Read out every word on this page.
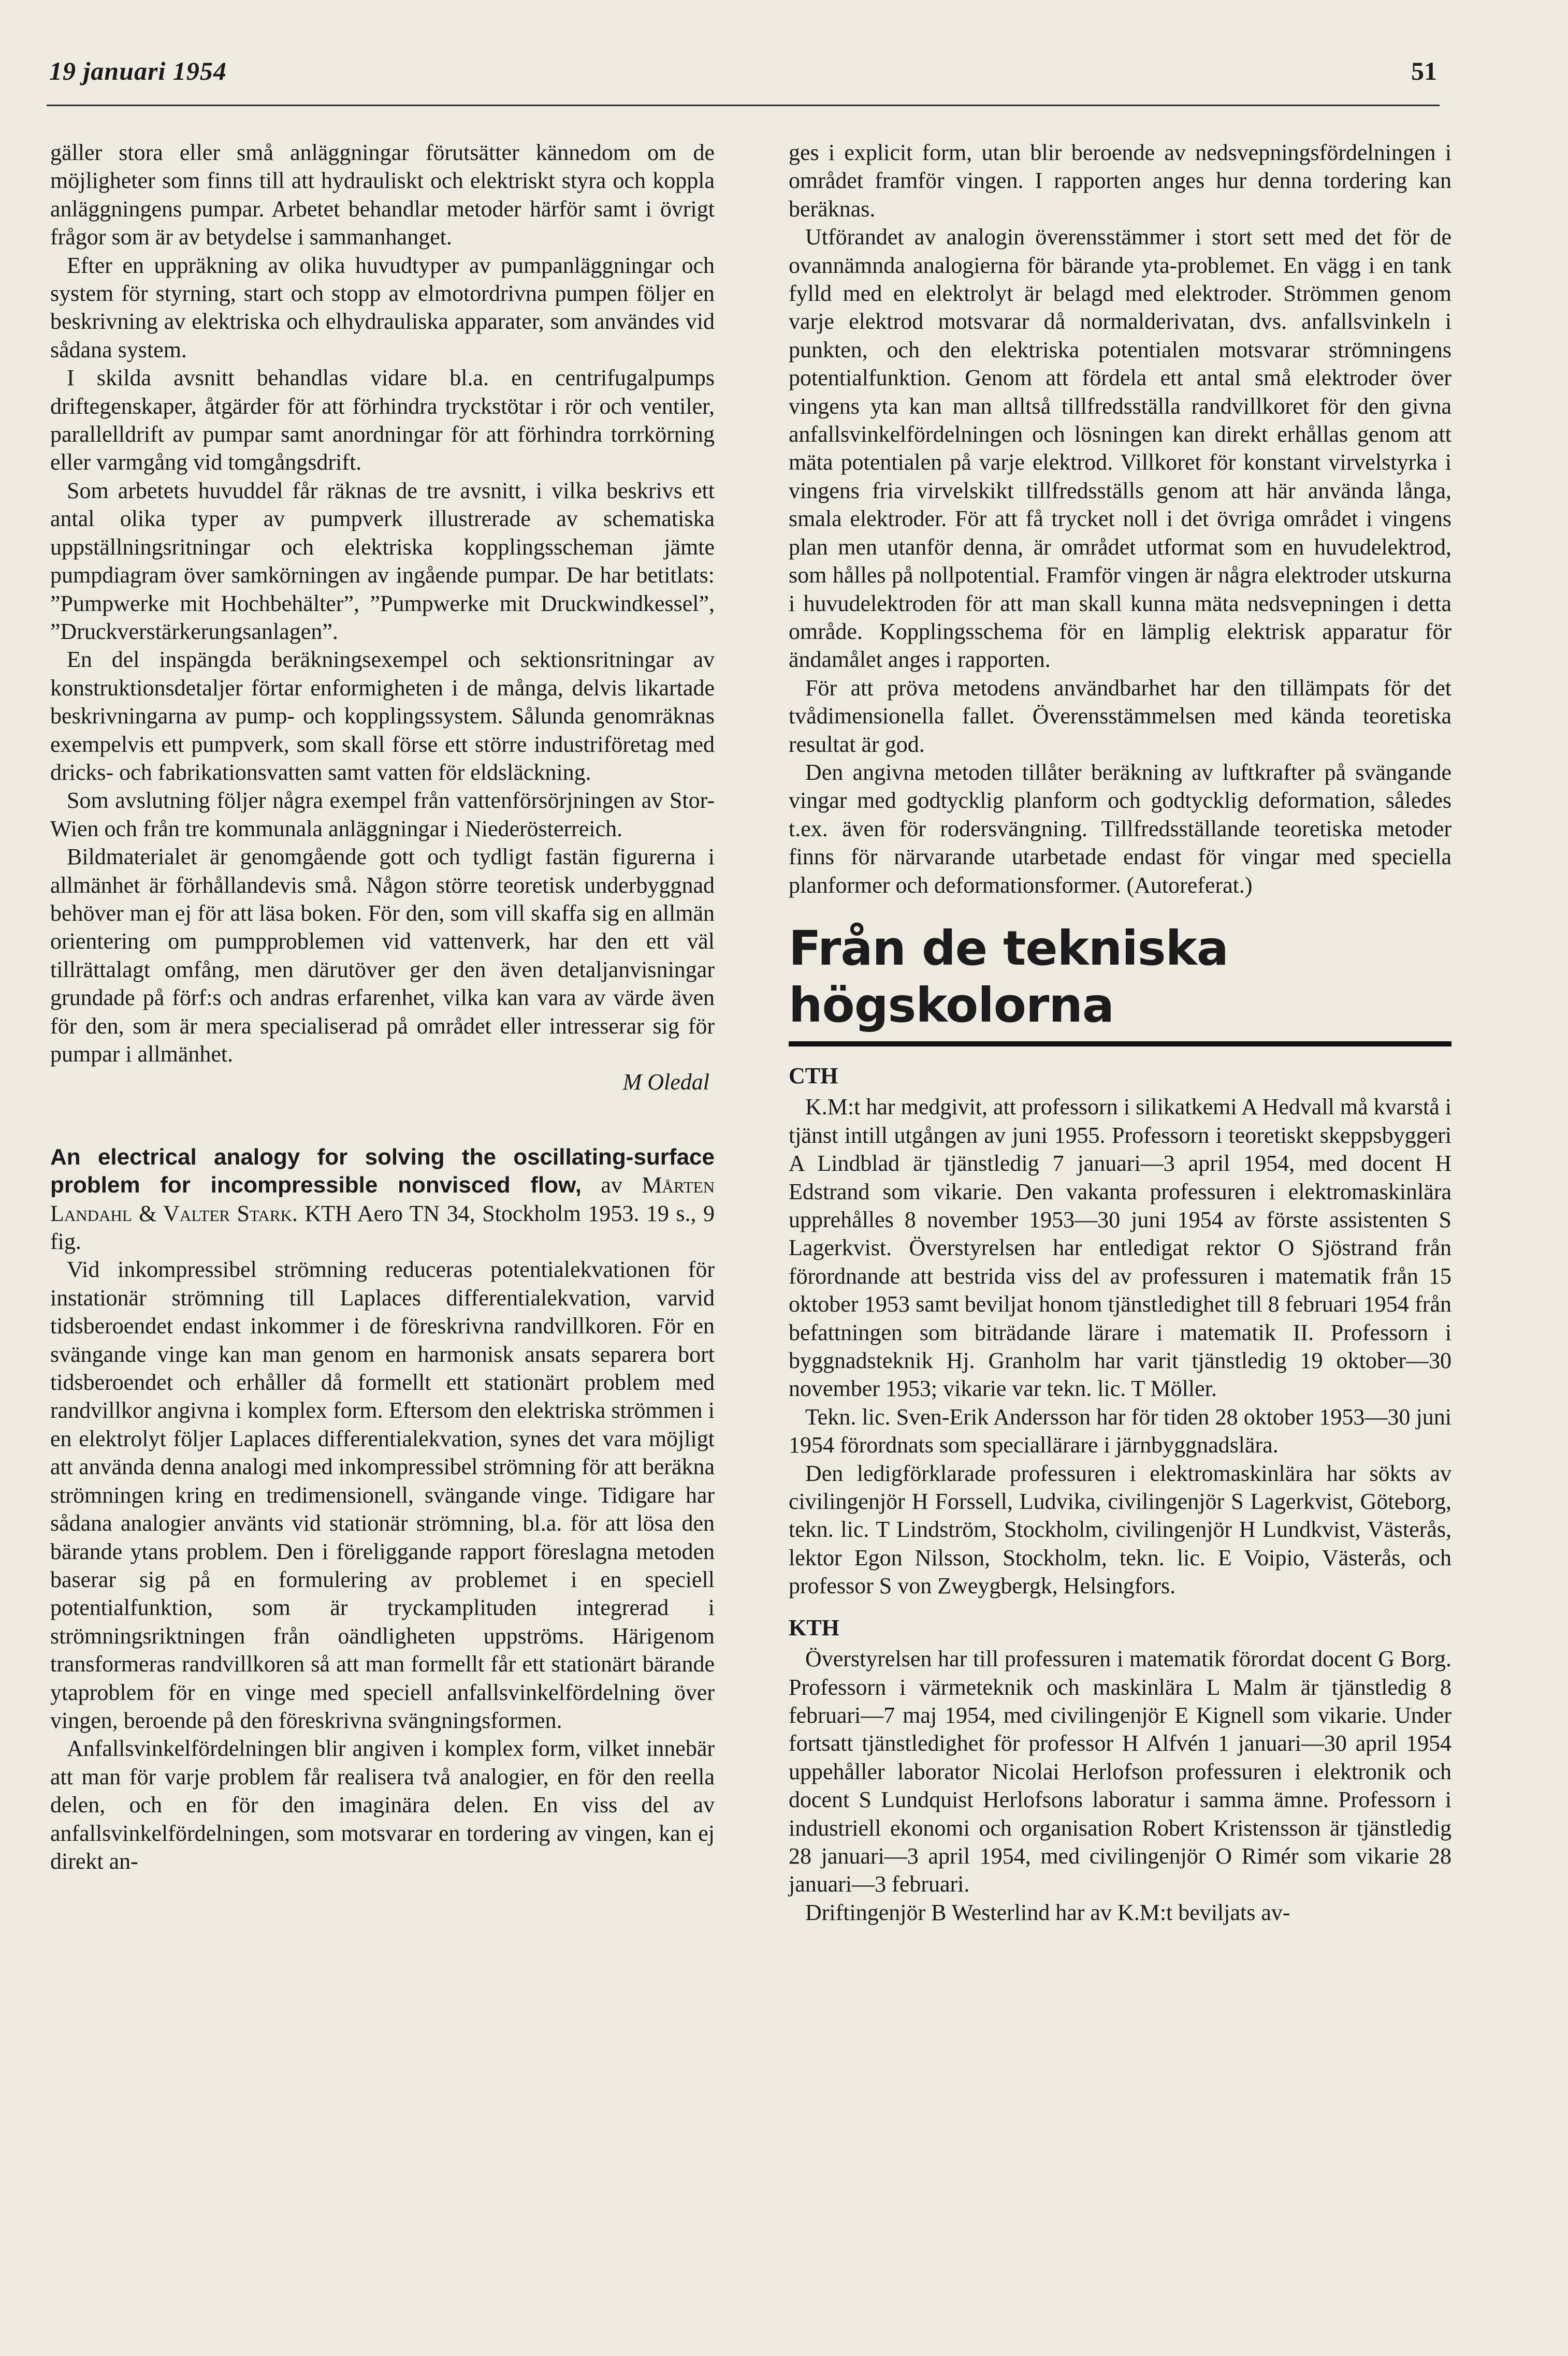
19 januari 1954	51

gäller stora eller små anläggningar förutsätter kännedom om de möjligheter som finns till att hydrauliskt och elektriskt styra och koppla anläggningens pumpar. Arbetet behandlar metoder härför samt i övrigt frågor som är av betydelse i sammanhanget.

Efter en uppräkning av olika huvudtyper av pumpanläggningar och system för styrning, start och stopp av elmotordrivna pumpen följer en beskrivning av elektriska och elhydrauliska apparater, som användes vid sådana system.

I skilda avsnitt behandlas vidare bl.a. en centrifugalpumps driftegenskaper, åtgärder för att förhindra tryckstötar i rör och ventiler, parallelldrift av pumpar samt anordningar för att förhindra torrkörning eller varmgång vid tomgångsdrift.

Som arbetets huvuddel får räknas de tre avsnitt, i vilka beskrivs ett antal olika typer av pumpverk illustrerade av schematiska uppställningsritningar och elektriska kopplingsscheman jämte pumpdiagram över samkörningen av ingående pumpar. De har betitlats: ”Pumpwerke mit Hochbehälter”, ”Pumpwerke mit Druckwindkessel”, ”Druckverstärkerungsanlagen”.

En del inspängda beräkningsexempel och sektionsritningar av konstruktionsdetaljer förtar enformigheten i de många, delvis likartade beskrivningarna av pump- och kopplingssystem. Sålunda genomräknas exempelvis ett pumpverk, som skall förse ett större industriföretag med dricks- och fabrikationsvatten samt vatten för eldsläckning.

Som avslutning följer några exempel från vattenförsörjningen av Stor-Wien och från tre kommunala anläggningar i Niederösterreich.

Bildmaterialet är genomgående gott och tydligt fastän figurerna i allmänhet är förhållandevis små. Någon större teoretisk underbyggnad behöver man ej för att läsa boken. För den, som vill skaffa sig en allmän orientering om pumpproblemen vid vattenverk, har den ett väl tillrättalagt omfång, men därutöver ger den även detaljanvisningar grundade på förf:s och andras erfarenhet, vilka kan vara av värde även för den, som är mera specialiserad på området eller intresserar sig för pumpar i allmänhet.

M Oledal

An electrical analogy for solving the oscillating-surface problem for incompressible nonvisced flow, av Mårten Landahl & Valter Stark. KTH Aero TN 34, Stockholm 1953. 19 s., 9 fig.

Vid inkompressibel strömning reduceras potentialekvationen för instationär strömning till Laplaces differentialekvation, varvid tidsberoendet endast inkommer i de föreskrivna randvillkoren. För en svängande vinge kan man genom en harmonisk ansats separera bort tidsberoendet och erhåller då formellt ett stationärt problem med randvillkor angivna i komplex form. Eftersom den elektriska strömmen i en elektrolyt följer Laplaces differentialekvation, synes det vara möjligt att använda denna analogi med inkompressibel strömning för att beräkna strömningen kring en tredimensionell, svängande vinge. Tidigare har sådana analogier använts vid stationär strömning, bl.a. för att lösa den bärande ytans problem. Den i föreliggande rapport föreslagna metoden baserar sig på en formulering av problemet i en speciell potentialfunktion, som är tryckamplituden integrerad i strömningsriktningen från oändligheten uppströms. Härigenom transformeras randvillkoren så att man formellt får ett stationärt bärande ytaproblem för en vinge med speciell anfallsvinkelfördelning över vingen, beroende på den föreskrivna svängningsformen.

Anfallsvinkelfördelningen blir angiven i komplex form, vilket innebär att man för varje problem får realisera två analogier, en för den reella delen, och en för den imaginära delen. En viss del av anfallsvinkelfördelningen, som motsvarar en tordering av vingen, kan ej direkt an-

ges i explicit form, utan blir beroende av nedsvepningsfördelningen i området framför vingen. I rapporten anges hur denna tordering kan beräknas.

Utförandet av analogin överensstämmer i stort sett med det för de ovannämnda analogierna för bärande yta-problemet. En vägg i en tank fylld med en elektrolyt är belagd med elektroder. Strömmen genom varje elektrod motsvarar då normalderivatan, dvs. anfallsvinkeln i punkten, och den elektriska potentialen motsvarar strömningens potentialfunktion. Genom att fördela ett antal små elektroder över vingens yta kan man alltså tillfredsställa randvillkoret för den givna anfallsvinkelfördelningen och lösningen kan direkt erhållas genom att mäta potentialen på varje elektrod. Villkoret för konstant virvelstyrka i vingens fria virvelskikt tillfredsställs genom att här använda långa, smala elektroder. För att få trycket noll i det övriga området i vingens plan men utanför denna, är området utformat som en huvudelektrod, som hålles på nollpotential. Framför vingen är några elektroder utskurna i huvudelektroden för att man skall kunna mäta nedsvepningen i detta område. Kopplingsschema för en lämplig elektrisk apparatur för ändamålet anges i rapporten.

För att pröva metodens användbarhet har den tillämpats för det tvådimensionella fallet. Överensstämmelsen med kända teoretiska resultat är god.

Den angivna metoden tillåter beräkning av luftkrafter på svängande vingar med godtycklig planform och godtycklig deformation, således t.ex. även för rodersvängning. Tillfredsställande teoretiska metoder finns för närvarande utarbetade endast för vingar med speciella planformer och deformationsformer. (Autoreferat.)

Från de tekniska högskolorna
CTH

K.M:t har medgivit, att professorn i silikatkemi A Hedvall må kvarstå i tjänst intill utgången av juni 1955. Professorn i teoretiskt skeppsbyggeri A Lindblad är tjänstledig 7 januari—3 april 1954, med docent H Edstrand som vikarie. Den vakanta professuren i elektromaskinlära upprehålles 8 november 1953—30 juni 1954 av förste assistenten S Lagerkvist. Överstyrelsen har entledigat rektor O Sjöstrand från förordnande att bestrida viss del av professuren i matematik från 15 oktober 1953 samt beviljat honom tjänstledighet till 8 februari 1954 från befattningen som biträdande lärare i matematik II. Professorn i byggnadsteknik Hj. Granholm har varit tjänstledig 19 oktober—30 november 1953; vikarie var tekn. lic. T Möller.

Tekn. lic. Sven-Erik Andersson har för tiden 28 oktober 1953—30 juni 1954 förordnats som speciallärare i järnbyggnadslära.

Den ledigförklarade professuren i elektromaskinlära har sökts av civilingenjör H Forssell, Ludvika, civilingenjör S Lagerkvist, Göteborg, tekn. lic. T Lindström, Stockholm, civilingenjör H Lundkvist, Västerås, lektor Egon Nilsson, Stockholm, tekn. lic. E Voipio, Västerås, och professor S von Zweygbergk, Helsingfors.

KTH

Överstyrelsen har till professuren i matematik förordat docent G Borg. Professorn i värmeteknik och maskinlära L Malm är tjänstledig 8 februari—7 maj 1954, med civilingenjör E Kignell som vikarie. Under fortsatt tjänstledighet för professor H Alfvén 1 januari—30 april 1954 uppehåller laborator Nicolai Herlofson professuren i elektronik och docent S Lundquist Herlofsons laboratur i samma ämne. Professorn i industriell ekonomi och organisation Robert Kristensson är tjänstledig 28 januari—3 april 1954, med civilingenjör O Rimér som vikarie 28 januari—3 februari.

Driftingenjör B Westerlind har av K.M:t beviljats av-
